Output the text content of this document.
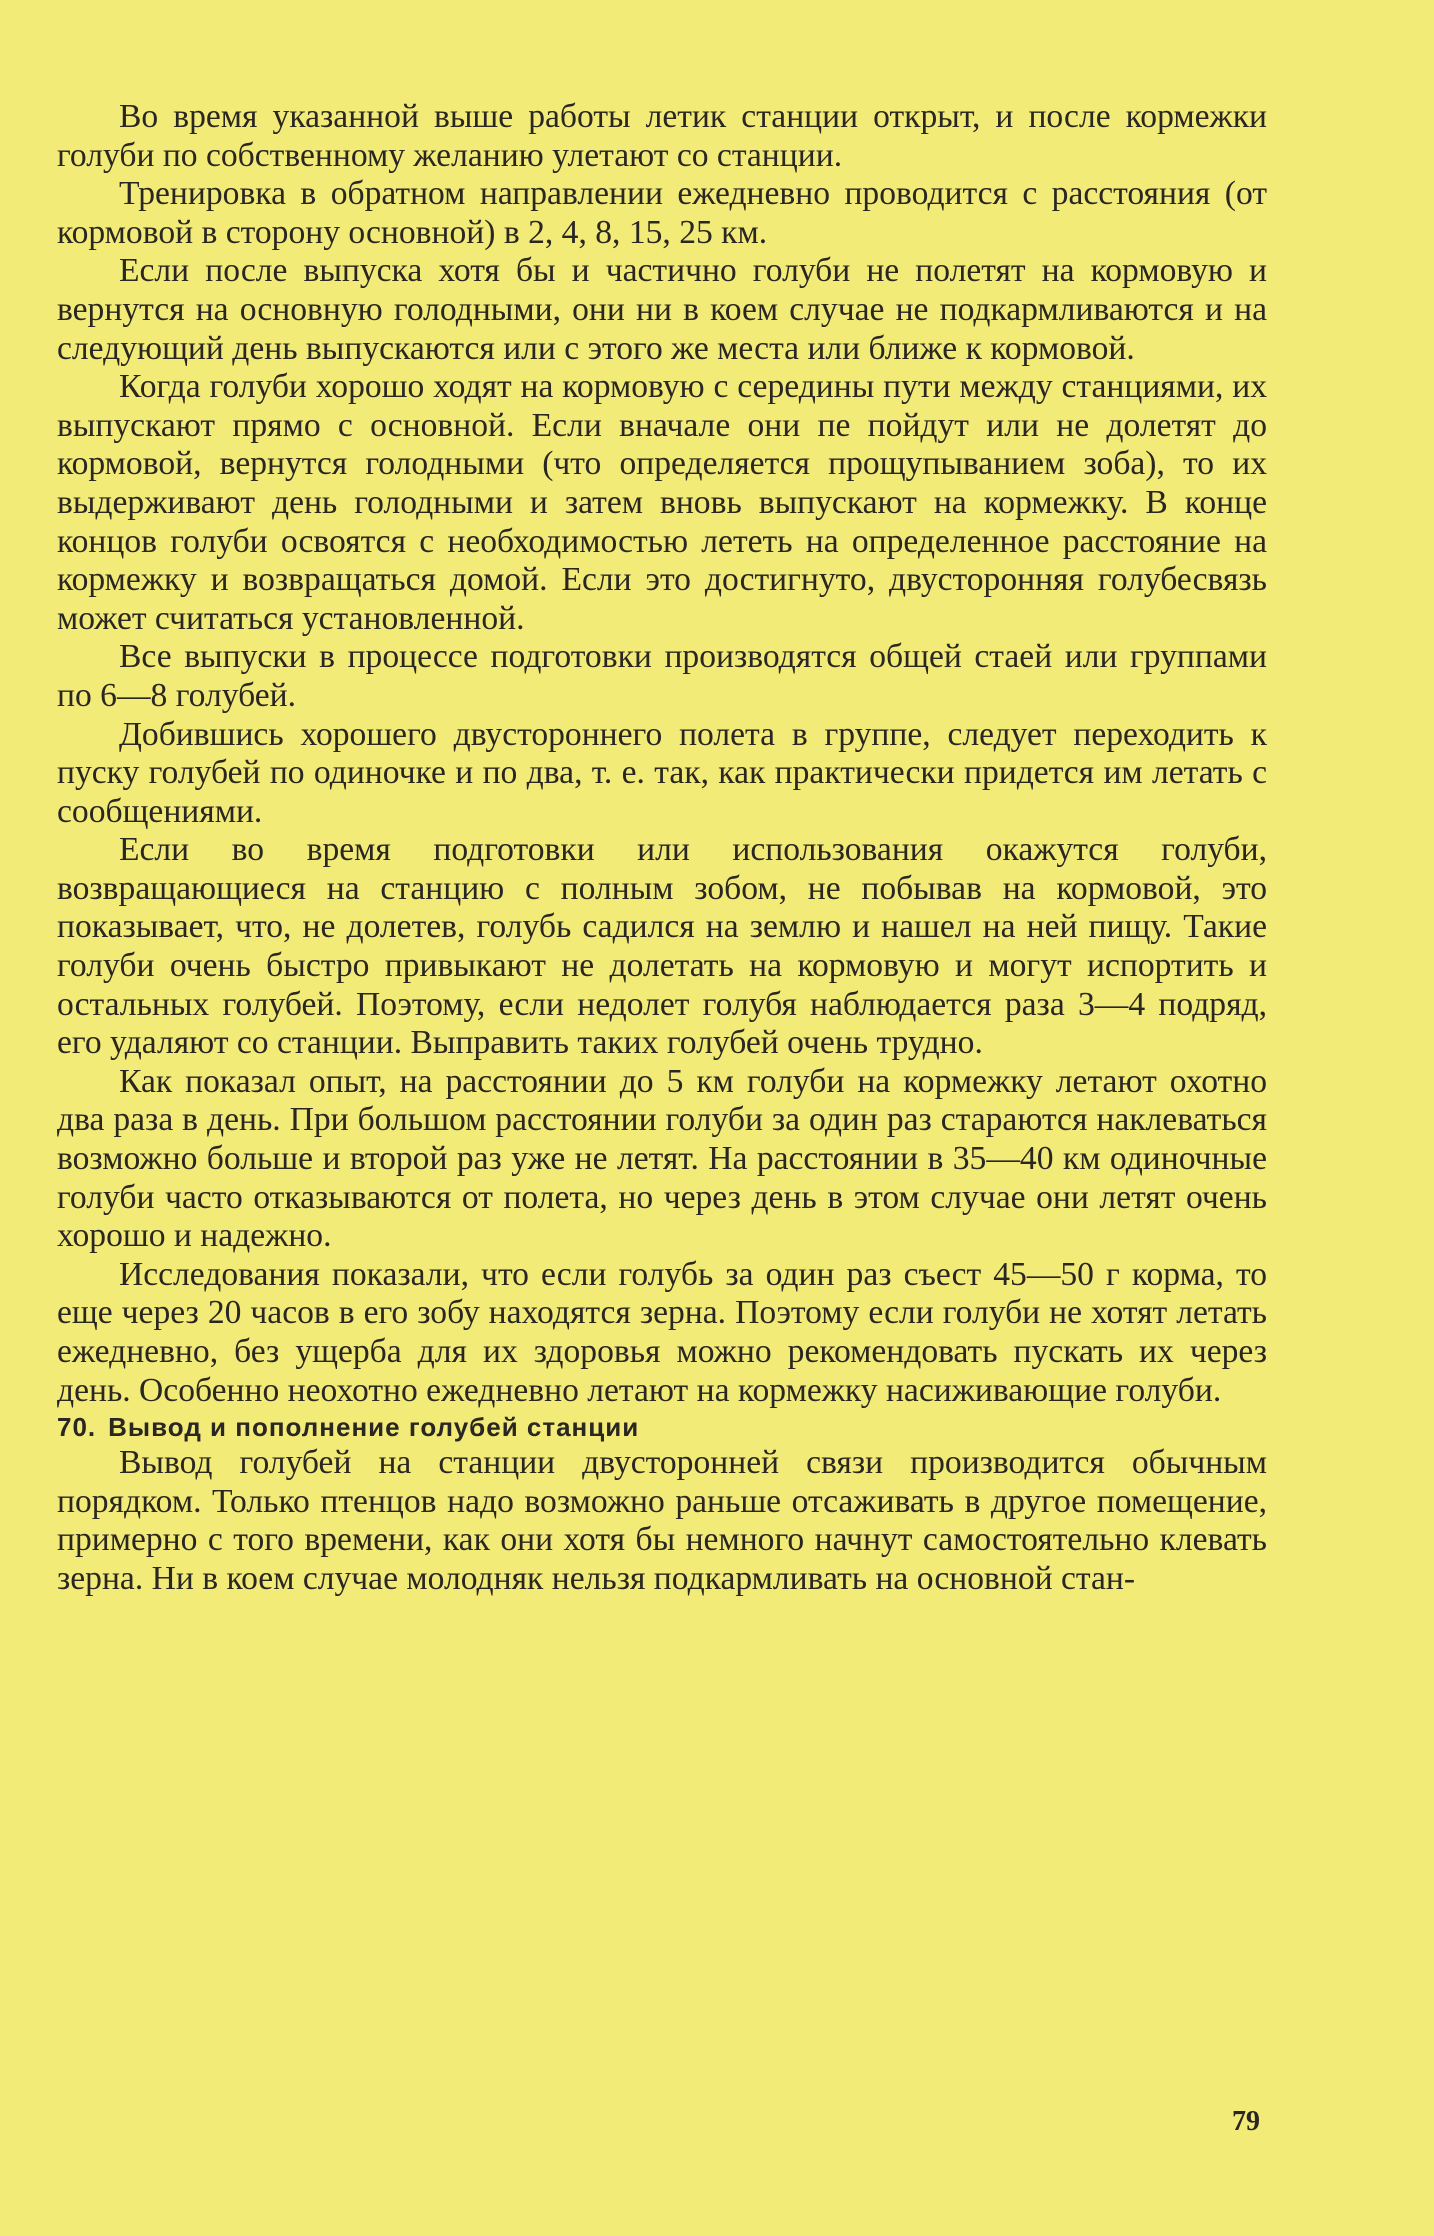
Во время указанной выше работы летик станции открыт, и после кормежки голуби по собственному желанию улетают со станции.

Тренировка в обратном направлении ежедневно проводится с расстояния (от кормовой в сторону основной) в 2, 4, 8, 15, 25 км.

Если после выпуска хотя бы и частично голуби не полетят на кормовую и вернутся на основную голодными, они ни в коем случае не подкармливаются и на следующий день выпускаются или с этого же места или ближе к кормовой.

Когда голуби хорошо ходят на кормовую с середины пути между станциями, их выпускают прямо с основной. Если вначале они пе пойдут или не долетят до кормовой, вернутся голодными (что определяется прощупыванием зоба), то их выдерживают день голодными и затем вновь выпускают на кормежку. В конце концов голуби освоятся с необходимостью лететь на определенное расстояние на кормежку и возвращаться домой. Если это достигнуто, двусторонняя голубесвязь может считаться установленной.

Все выпуски в процессе подготовки производятся общей стаей или группами по 6—8 голубей.

Добившись хорошего двустороннего полета в группе, следует переходить к пуску голубей по одиночке и по два, т. е. так, как практически придется им летать с сообщениями.

Если во время подготовки или использования окажутся голуби, возвращающиеся на станцию с полным зобом, не побывав на кормовой, это показывает, что, не долетев, голубь садился на землю и нашел на ней пищу. Такие голуби очень быстро привыкают не долетать на кормовую и могут испортить и остальных голубей. Поэтому, если недолет голубя наблюдается раза 3—4 подряд, его удаляют со станции. Выправить таких голубей очень трудно.

Как показал опыт, на расстоянии до 5 км голуби на кормежку летают охотно два раза в день. При большом расстоянии голуби за один раз стараются наклеваться возможно больше и второй раз уже не летят. На расстоянии в 35—40 км одиночные голуби часто отказываются от полета, но через день в этом случае они летят очень хорошо и надежно.

Исследования показали, что если голубь за один раз съест 45—50 г корма, то еще через 20 часов в его зобу находятся зерна. Поэтому если голуби не хотят летать ежедневно, без ущерба для их здоровья можно рекомендовать пускать их через день. Особенно неохотно ежедневно летают на кормежку насиживающие голуби.

70. Вывод и пополнение голубей станции

Вывод голубей на станции двусторонней связи производится обычным порядком. Только птенцов надо возможно раньше отсаживать в другое помещение, примерно с того времени, как они хотя бы немного начнут самостоятельно клевать зерна. Ни в коем случае молодняк нельзя подкармливать на основной стан-

79
